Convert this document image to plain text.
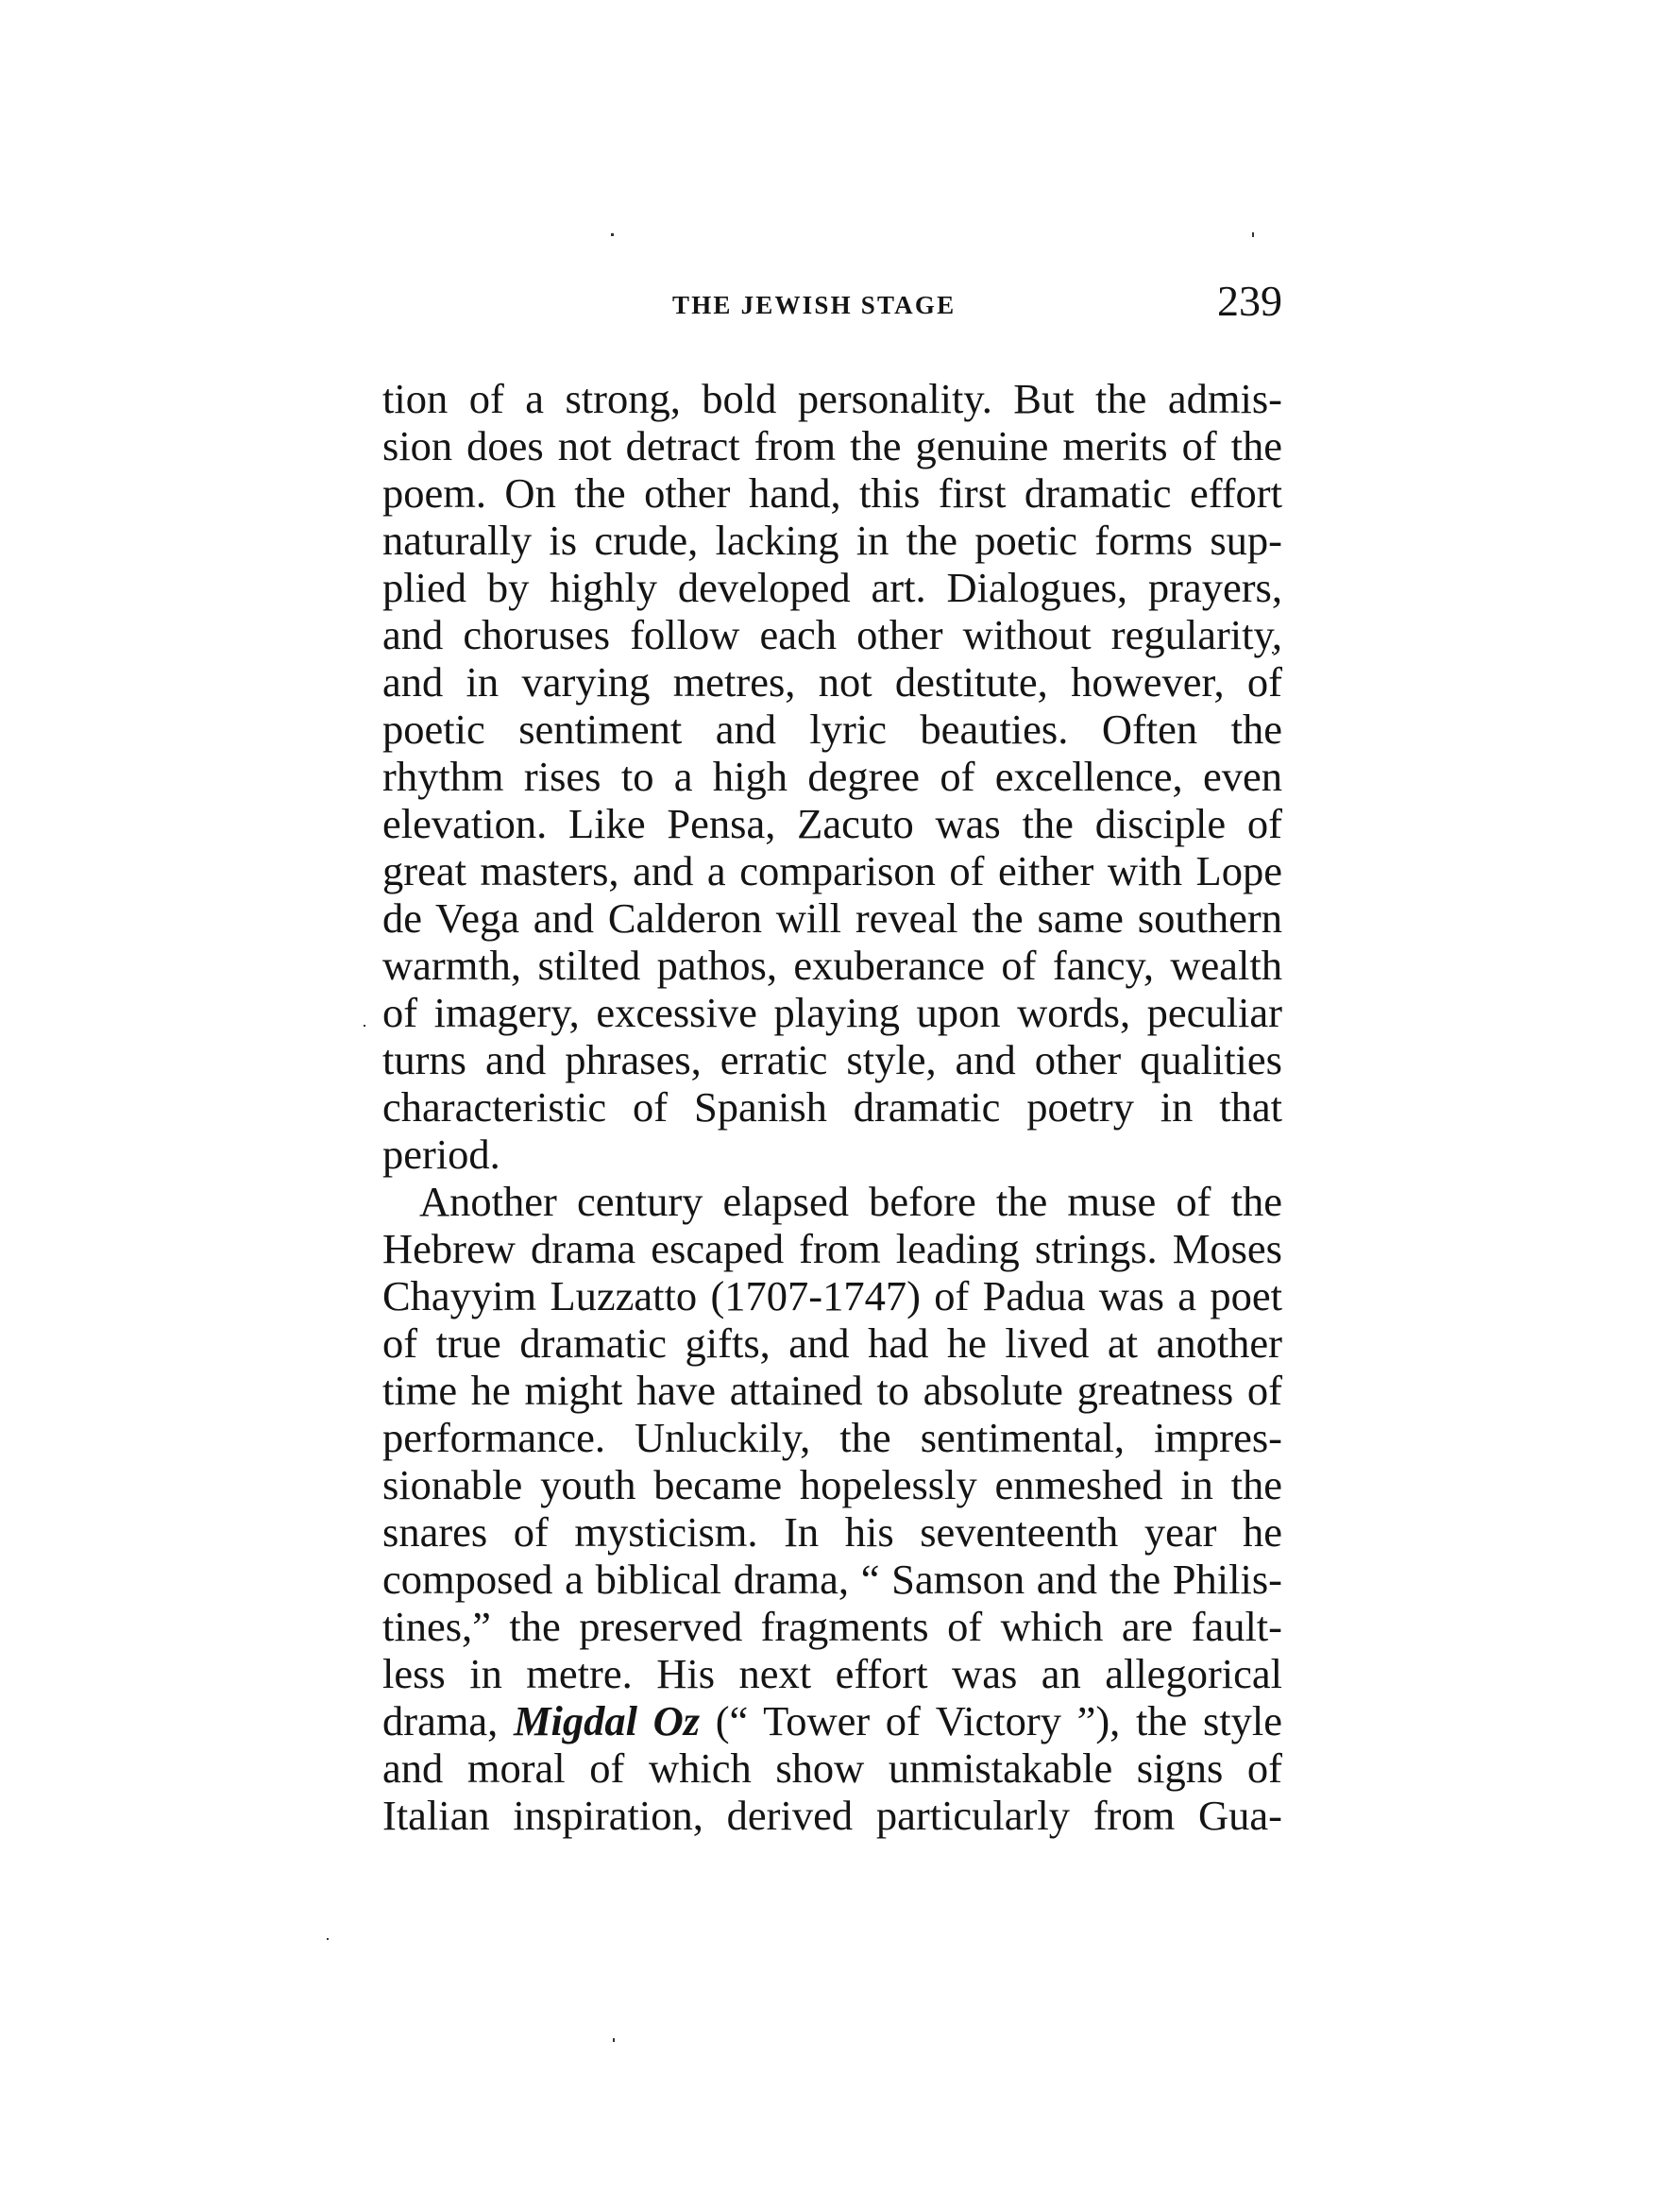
THE JEWISH STAGE	239
tion of a strong, bold personality. But the admis-
sion does not detract from the genuine merits of the
poem. On the other hand, this first dramatic effort
naturally is crude, lacking in the poetic forms sup-
plied by highly developed art. Dialogues, prayers,
and choruses follow each other without regularity,
and in varying metres, not destitute, however, of
poetic sentiment and lyric beauties. Often the
rhythm rises to a high degree of excellence, even
elevation. Like Pensa, Zacuto was the disciple of
great masters, and a comparison of either with Lope
de Vega and Calderon will reveal the same southern
warmth, stilted pathos, exuberance of fancy, wealth
of imagery, excessive playing upon words, peculiar
turns and phrases, erratic style, and other qualities
characteristic of Spanish dramatic poetry in that
period.
Another century elapsed before the muse of the
Hebrew drama escaped from leading strings. Moses
Chayyim Luzzatto (1707-1747) of Padua was a poet
of true dramatic gifts, and had he lived at another
time he might have attained to absolute greatness of
performance. Unluckily, the sentimental, impres-
sionable youth became hopelessly enmeshed in the
snares of mysticism. In his seventeenth year he
composed a biblical drama, “ Samson and the Philis-
tines,” the preserved fragments of which are fault-
less in metre. His next effort was an allegorical
drama, Migdal Oz (“ Tower of Victory ”), the style
and moral of which show unmistakable signs of
Italian inspiration, derived particularly from Gua-
